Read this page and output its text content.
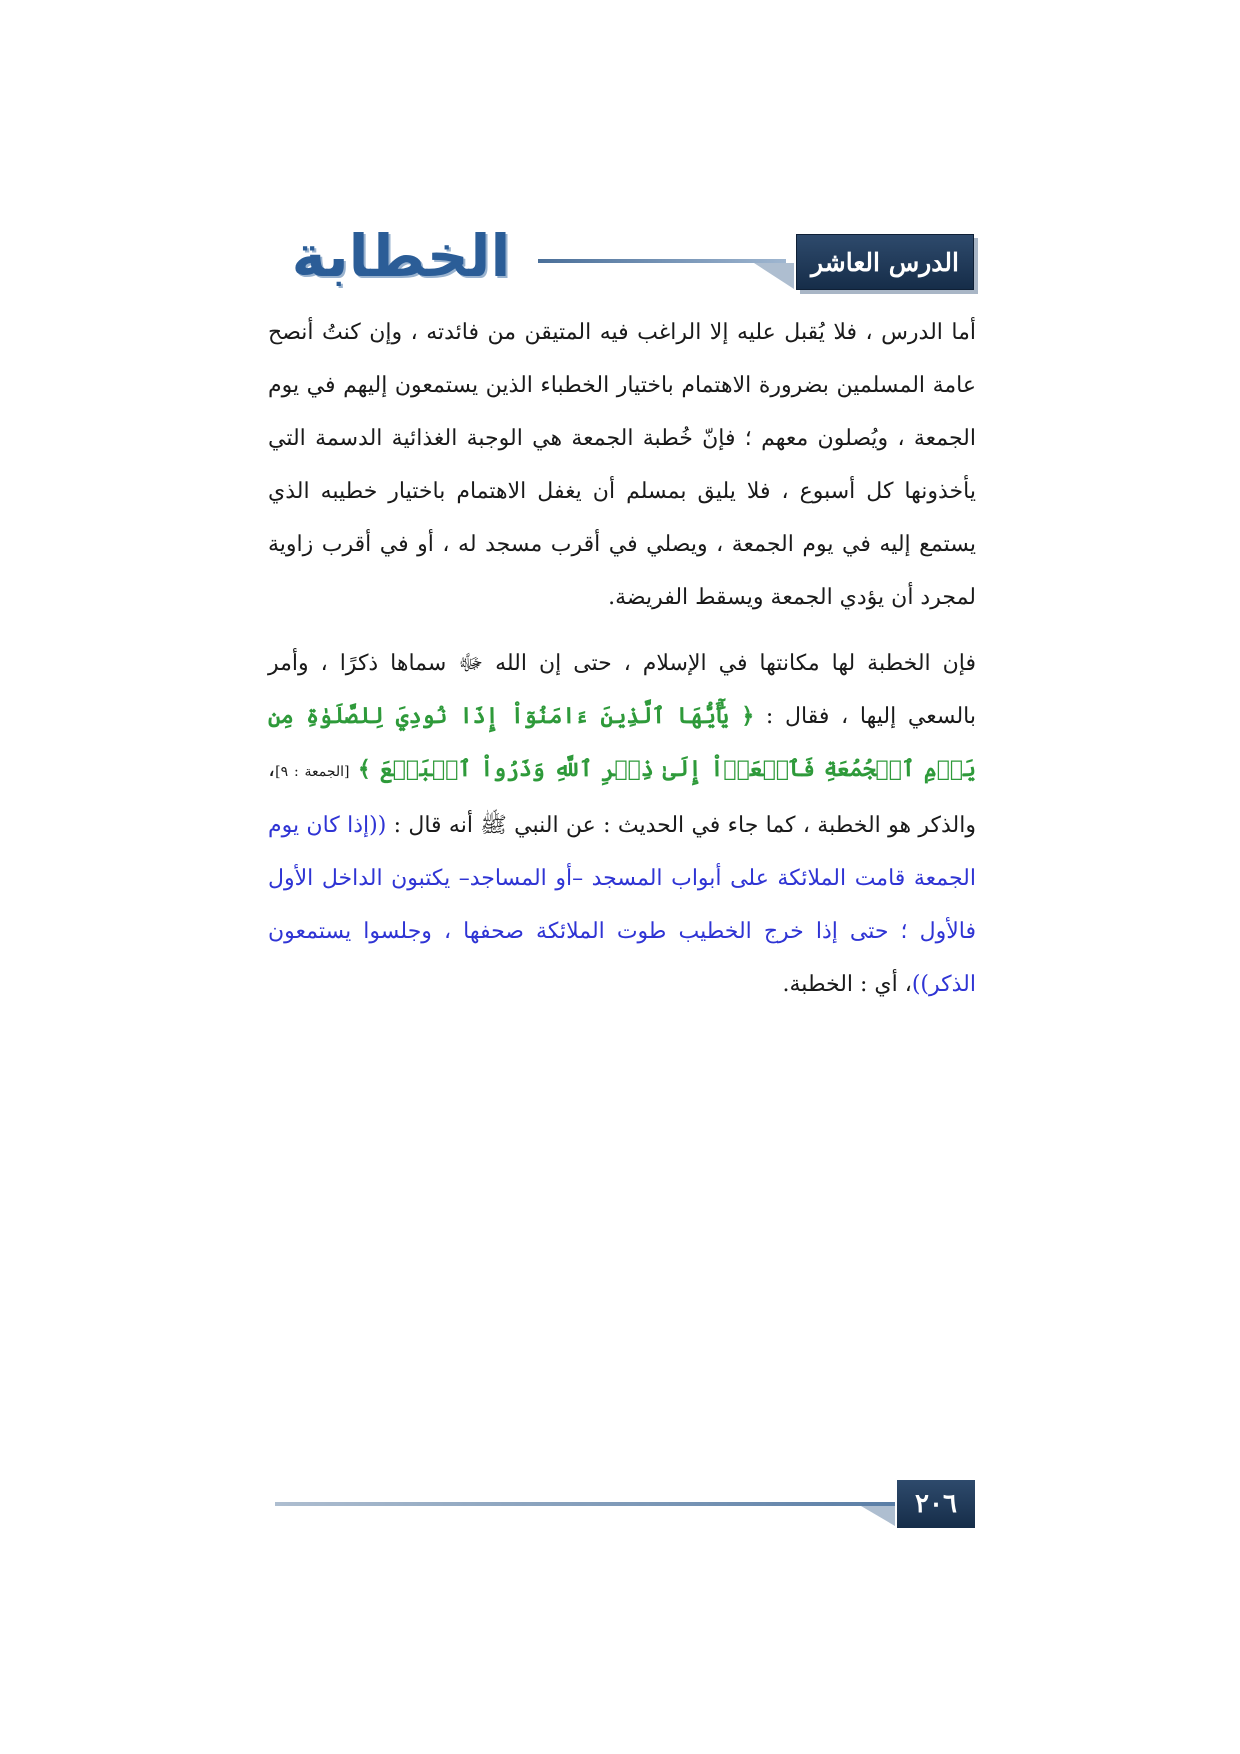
الخطابة	الدرس العاشر

أما الدرس ، فلا يُقبل عليه إلا الراغب فيه المتيقن من فائدته ، وإن كنتُ أنصح عامة المسلمين بضرورة الاهتمام باختيار الخطباء الذين يستمعون إليهم في يوم الجمعة ، ويُصلون معهم ؛ فإنّ خُطبة الجمعة هي الوجبة الغذائية الدسمة التي يأخذونها كل أسبوع ، فلا يليق بمسلم أن يغفل الاهتمام باختيار خطيبه الذي يستمع إليه في يوم الجمعة ، ويصلي في أقرب مسجد له ، أو في أقرب زاوية لمجرد أن يؤدي الجمعة ويسقط الفريضة.

فإن الخطبة لها مكانتها في الإسلام ، حتى إن الله ﷻ سماها ذكرًا ، وأمر بالسعي إليها ، فقال : ﴿ يَٰٓأَيُّهَا ٱلَّذِينَ ءَامَنُوٓاْ إِذَا نُودِيَ لِلصَّلَوٰةِ مِن يَوۡمِ ٱلۡجُمُعَةِ فَٱسۡعَوۡاْ إِلَىٰ ذِكۡرِ ٱللَّهِ وَذَرُواْ ٱلۡبَيۡعَ ﴾ [الجمعة : ٩]، والذكر هو الخطبة ، كما جاء في الحديث : عن النبي ﷺ أنه قال : ((إذا كان يوم الجمعة قامت الملائكة على أبواب المسجد –أو المساجد– يكتبون الداخل الأول فالأول ؛ حتى إذا خرج الخطيب طوت الملائكة صحفها ، وجلسوا يستمعون الذكر))، أي : الخطبة.

٢٠٦
